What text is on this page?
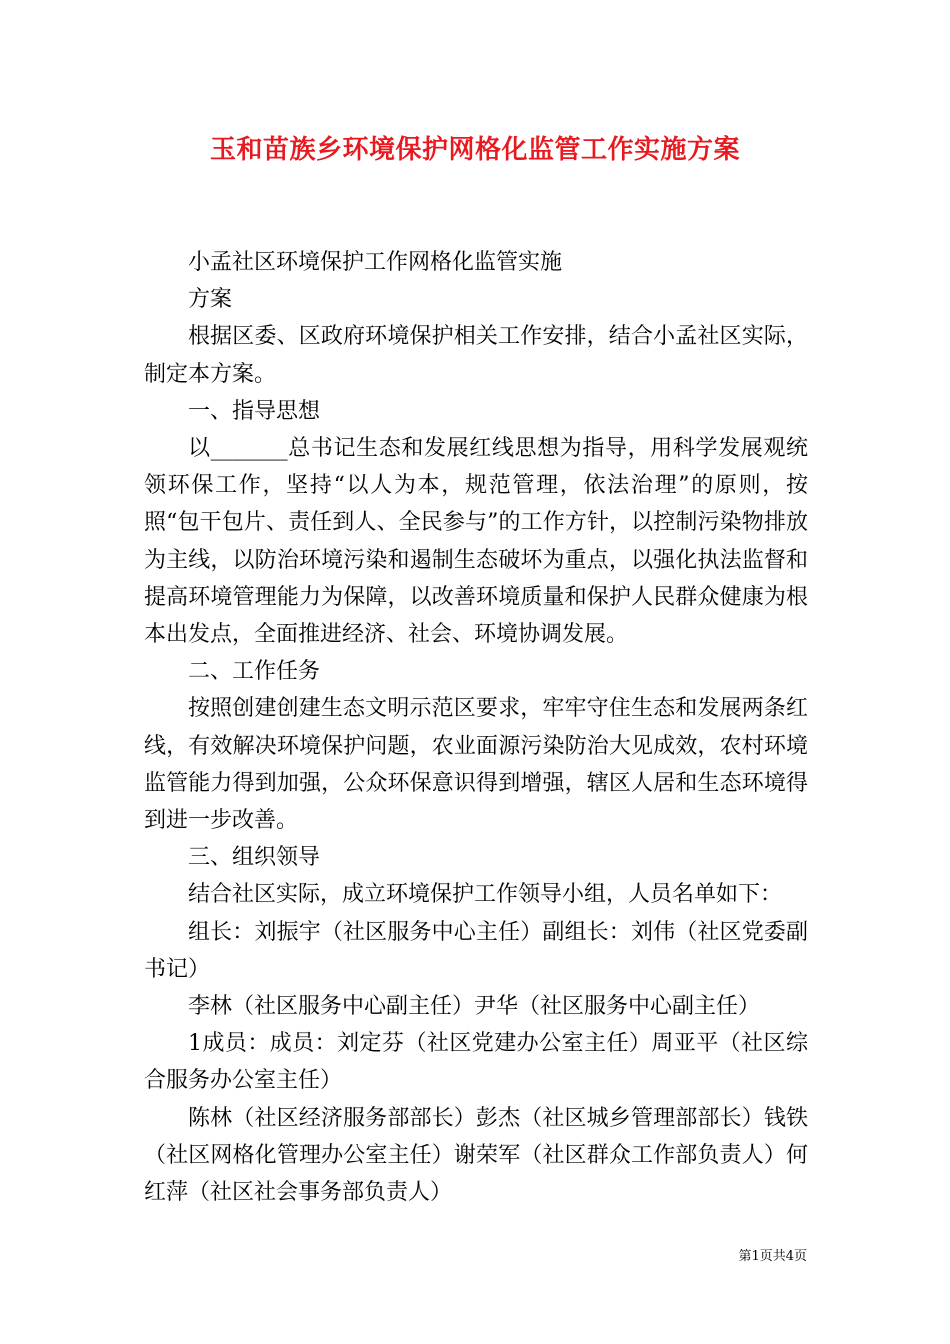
玉和苗族乡环境保护网格化监管工作实施方案

小孟社区环境保护工作网格化监管实施

方案

根据区委、区政府环境保护相关工作安排，结合小孟社区实际，制定本方案。

一、指导思想

以_______总书记生态和发展红线思想为指导，用科学发展观统领环保工作，坚持“以人为本，规范管理，依法治理”的原则，按照“包干包片、责任到人、全民参与”的工作方针，以控制污染物排放为主线，以防治环境污染和遏制生态破坏为重点，以强化执法监督和提高环境管理能力为保障，以改善环境质量和保护人民群众健康为根本出发点，全面推进经济、社会、环境协调发展。

二、工作任务

按照创建创建生态文明示范区要求，牢牢守住生态和发展两条红线，有效解决环境保护问题，农业面源污染防治大见成效，农村环境监管能力得到加强，公众环保意识得到增强，辖区人居和生态环境得到进一步改善。

三、组织领导

结合社区实际，成立环境保护工作领导小组，人员名单如下：

组长：刘振宇（社区服务中心主任）副组长：刘伟（社区党委副书记）

李林（社区服务中心副主任）尹华（社区服务中心副主任）

1成员：成员：刘定芬（社区党建办公室主任）周亚平（社区综合服务办公室主任）

陈林（社区经济服务部部长）彭杰（社区城乡管理部部长）钱铁（社区网格化管理办公室主任）谢荣军（社区群众工作部负责人）何红萍（社区社会事务部负责人）

第1页共4页
